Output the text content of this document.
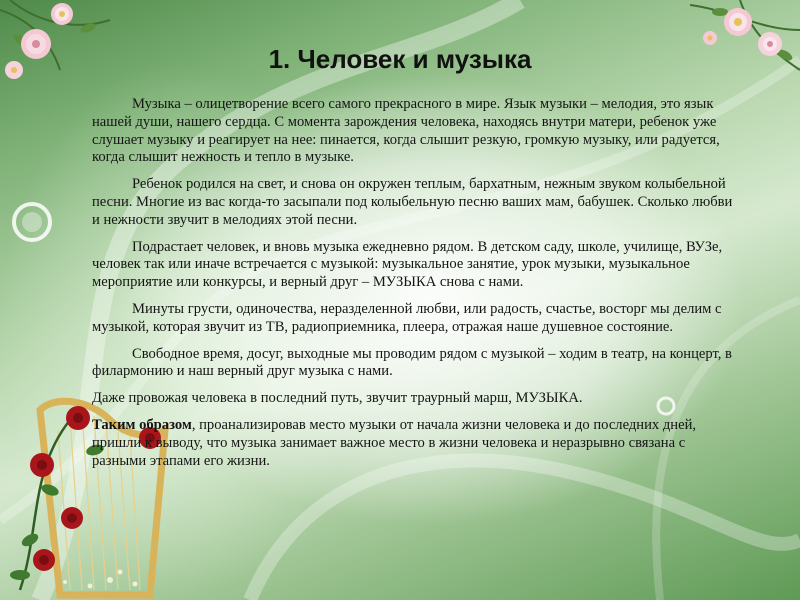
1. Человек и музыка

Музыка – олицетворение всего самого прекрасного в мире. Язык музыки – мелодия, это язык нашей души, нашего сердца. С момента зарождения человека, находясь внутри матери, ребенок уже слушает музыку и реагирует на нее: пинается, когда слышит резкую, громкую музыку, или радуется, когда слышит нежность и тепло в музыке.

Ребенок родился на свет, и снова он окружен теплым, бархатным, нежным звуком колыбельной песни. Многие из вас когда-то засыпали под колыбельную песню ваших мам, бабушек. Сколько любви и нежности звучит в мелодиях этой песни.

Подрастает человек, и вновь музыка ежедневно рядом. В детском саду, школе, училище, ВУЗе, человек так или иначе встречается с музыкой: музыкальное занятие, урок музыки, музыкальное мероприятие или конкурсы, и верный друг – МУЗЫКА снова с нами.

Минуты грусти, одиночества, неразделенной любви, или радость, счастье, восторг мы делим с музыкой, которая звучит из ТВ, радиоприемника, плеера, отражая наше душевное состояние.

Свободное время, досуг, выходные мы проводим рядом с музыкой – ходим в театр, на концерт, в филармонию и наш верный друг музыка с нами.

Даже провожая человека в последний путь, звучит траурный марш, МУЗЫКА.

Таким образом, проанализировав место музыки от начала жизни человека и до последних дней, пришли к выводу, что музыка занимает важное место в жизни человека и неразрывно связана с разными этапами его жизни.
